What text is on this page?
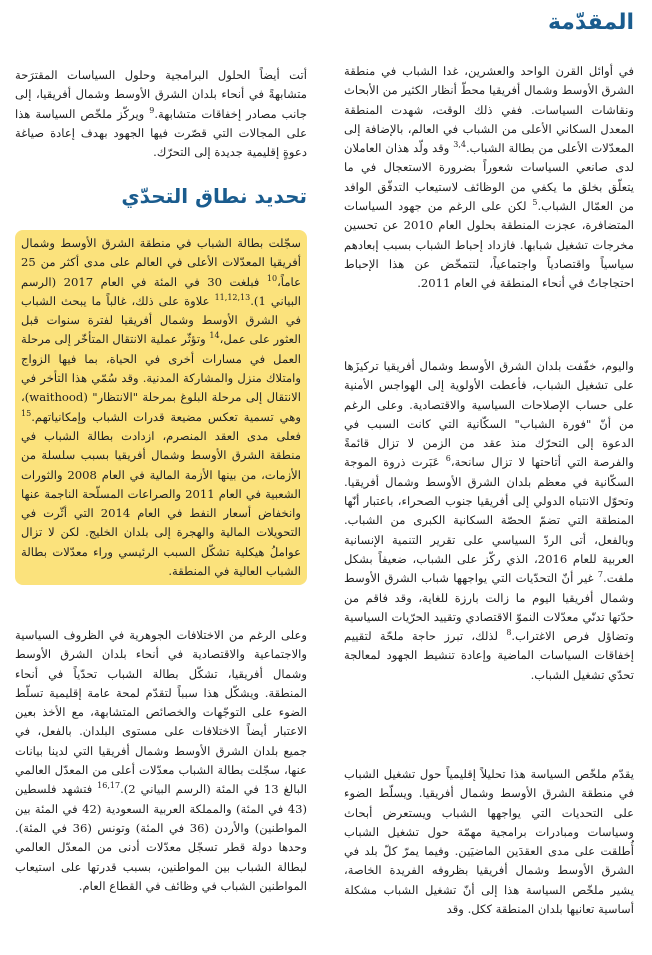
المقدّمة

في أوائل القرن الواحد والعشرين، غدا الشباب في منطقة الشرق الأوسط وشمال أفريقيا محطّ أنظار الكثير من الأبحاث ونقاشات السياسات. ففي ذلك الوقت، شهدت المنطقة المعدل السكاني الأعلى من الشباب في العالم، بالإضافة إلى المعدّلات الأعلى من بطالة الشباب.$^{3,4}$ وقد ولّد هذان العاملان لدى صانعي السياسات شعوراً بضرورة الاستعجال في ما يتعلّق بخلق ما يكفي من الوظائف لاستيعاب التدفّق الوافد من العمّال الشباب.$^5$ لكن على الرغم من جهود السياسات المتضافرة، عجزت المنطقة بحلول العام 2010 عن تحسين مخرجات تشغيل شبابها. فازداد إحباط الشباب بسبب إبعادهم سياسياً واقتصادياً واجتماعياً، لتتمخّض عن هذا الإحباط احتجاجاتٌ في أنحاء المنطقة في العام 2011.

واليوم، خفّفت بلدان الشرق الأوسط وشمال أفريقيا تركيزَها على تشغيل الشباب، فأعطت الأولوية إلى الهواجس الأمنية على حساب الإصلاحات السياسية والاقتصادية. وعلى الرغم من أنّ "فورة الشباب" السكّانية التي كانت السبب في الدعوة إلى التحرّك منذ عقد من الزمن لا تزال قائمةً والفرصة التي أتاحتها لا تزال سانحة،$^6$ عَبَرت ذروة الموجة السكّانية في معظم بلدان الشرق الأوسط وشمال أفريقيا. وتحوّل الانتباه الدولي إلى أفريقيا جنوب الصحراء، باعتبار أنّها المنطقة التي تضمّ الحصّة السكانية الكبرى من الشباب. وبالفعل، أتى الردّ السياسي على تقرير التنمية الإنسانية العربية للعام 2016، الذي ركّز على الشباب، ضعيفاً بشكل ملفت.$^7$ غير أنّ التحدّيات التي يواجهها شباب الشرق الأوسط وشمال أفريقيا اليوم ما زالت بارزة للغاية، وقد فاقم من حدّتها تدنّي معدّلات النموّ الاقتصادي وتقييد الحرّيات السياسية وتضاؤل فرص الاغتراب.$^8$ لذلك، تبرز حاجة ملحّة لتقييم إخفاقات السياسات الماضية وإعادة تنشيط الجهود لمعالجة تحدّي تشغيل الشباب.

يقدّم ملخّص السياسة هذا تحليلاً إقليمياً حول تشغيل الشباب في منطقة الشرق الأوسط وشمال أفريقيا. ويسلّط الضوء على التحديات التي يواجهها الشباب ويستعرض أبحاث وسياسات ومبادرات برامجية مهمّة حول تشغيل الشباب أُطلقت على مدى العقدَين الماضيَين. وفيما يمرّ كلّ بلد في الشرق الأوسط وشمال أفريقيا بظروفه الفريدة الخاصة، يشير ملخّص السياسة هذا إلى أنّ تشغيل الشباب مشكلة أساسية تعانيها بلدان المنطقة ككل. وقد

أتت أيضاً الحلول البرامجية وحلول السياسات المقترَحة متشابهةً في أنحاء بلدان الشرق الأوسط وشمال أفريقيا، إلى جانب مصادر إخفاقات متشابهة.$^9$ ويركّز ملخّص السياسة هذا على المجالات التي قصّرت فيها الجهود بهدف إعادة صياغة دعوةٍ إقليمية جديدة إلى التحرّك.

تحديد نطاق التحدّي

سجّلت بطالة الشباب في منطقة الشرق الأوسط وشمال أفريقيا المعدّلات الأعلى في العالم على مدى أكثر من 25 عاماً،$^{10}$ فبلغت 30 في المئة في العام 2017 (الرسم البياني 1).$^{11,12,13}$ علاوة على ذلك، غالباً ما يبحث الشباب في الشرق الأوسط وشمال أفريقيا لفترة سنوات قبل العثور على عمل،$^{14}$ وتؤثّر عملية الانتقال المتأخّر إلى مرحلة العمل في مسارات أخرى في الحياة، بما فيها الزواج وامتلاك منزل والمشاركة المدنية. وقد سُمّي هذا التأخر في الانتقال إلى مرحلة البلوغ بمرحلة "الانتظار" (waithood)، وهي تسمية تعكس مضيعة قدرات الشباب وإمكانياتهم.$^{15}$ فعلى مدى العقد المنصرم، ازدادت بطالة الشباب في منطقة الشرق الأوسط وشمال أفريقيا بسبب سلسلة من الأزمات، من بينها الأزمة المالية في العام 2008 والثورات الشعبية في العام 2011 والصراعات المسلّحة الناجمة عنها وانخفاض أسعار النفط في العام 2014 التي أثّرت في التحويلات المالية والهجرة إلى بلدان الخليج. لكن لا تزال عواملُ هيكلية تشكّل السبب الرئيسي وراء معدّلات بطالة الشباب العالية في المنطقة.

وعلى الرغم من الاختلافات الجوهرية في الظروف السياسية والاجتماعية والاقتصادية في أنحاء بلدان الشرق الأوسط وشمال أفريقيا، تشكّل بطالة الشباب تحدّياً في أنحاء المنطقة. ويشكّل هذا سبباً لتقدّم لمحة عامة إقليمية تسلّط الضوء على التوجّهات والخصائص المتشابهة، مع الأخذ بعين الاعتبار أيضاً الاختلافات على مستوى البلدان. بالفعل، في جميع بلدان الشرق الأوسط وشمال أفريقيا التي لدينا بيانات عنها، سجّلت بطالة الشباب معدّلات أعلى من المعدّل العالمي البالغ 13 في المئة (الرسم البياني 2).$^{16,17}$ فتشهد فلسطين (43 في المئة) والمملكة العربية السعودية (42 في المئة بين المواطنين) والأردن (36 في المئة) وتونس (36 في المئة). وحدها دولة قطر تسجّل معدّلات أدنى من المعدّل العالمي لبطالة الشباب بين المواطنين، بسبب قدرتها على استيعاب المواطنين الشباب في وظائف في القطاع العام.
